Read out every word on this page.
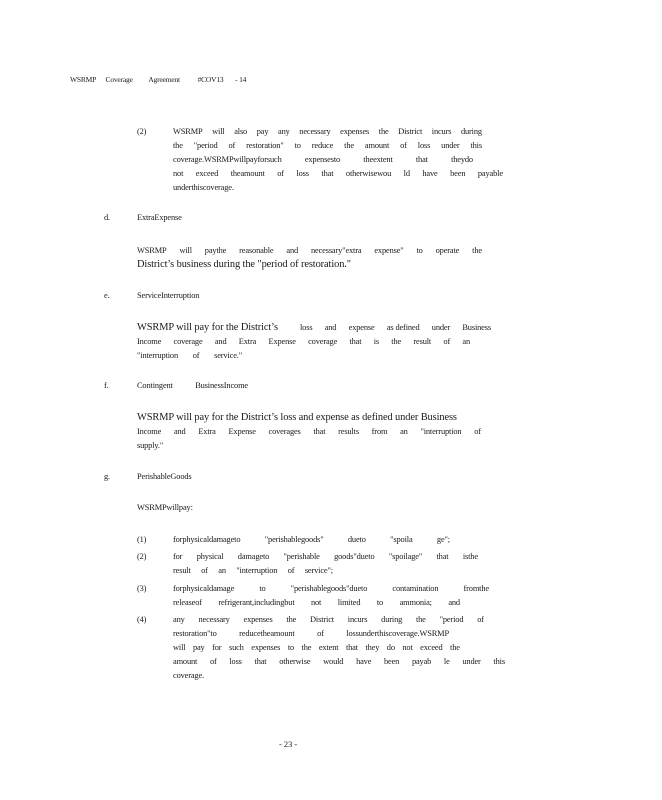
WSRMP Coverage Agreement #COV13 - 14
(2)	WSRMP will also pay any necessary expenses the District incurs during
the "period of restoration" to reduce the amount of loss under this
coverage.WSRMPwillpayforsuch	expensesto	theextent	that	theydo
not exceed theamount of loss that otherwisewou ld have been payable
underthiscoverage.
d.	ExtraExpense
WSRMP will paythe reasonable and necessary"extra expense" to operate the
District’s business during the "period of restoration."
e.	ServiceInterruption
WSRMP will pay for the District’s	loss and expense as defined under Business
Income coverage and Extra Expense coverage that is the result of an
"interruption of service."
f.	Contingent	BusinessIncome
WSRMP will pay for the District’s loss and expense as defined under Business
Income and Extra Expense coverages that results from an "interruption of
supply."
g.	PerishableGoods
WSRMPwillpay:
(1)	forphysicaldamageto	"perishablegoods"	dueto	"spoila	ge";
(2)	for physical damageto "perishable goods"dueto "spoilage" that isthe
result of an "interruption of service";
(3)	forphysicaldamage	to	"perishablegoods"dueto	contamination	fromthe
releaseof refrigerant,includingbut not limited to ammonia; and
(4)	any necessary expenses the District incurs during the "period of
restoration"to	reducetheamount	of	lossunderthiscoverage.WSRMP
will pay for such expenses to the extent that they do not exceed the
amount of loss that otherwise would have been payab le under this
coverage.
- 23 -
